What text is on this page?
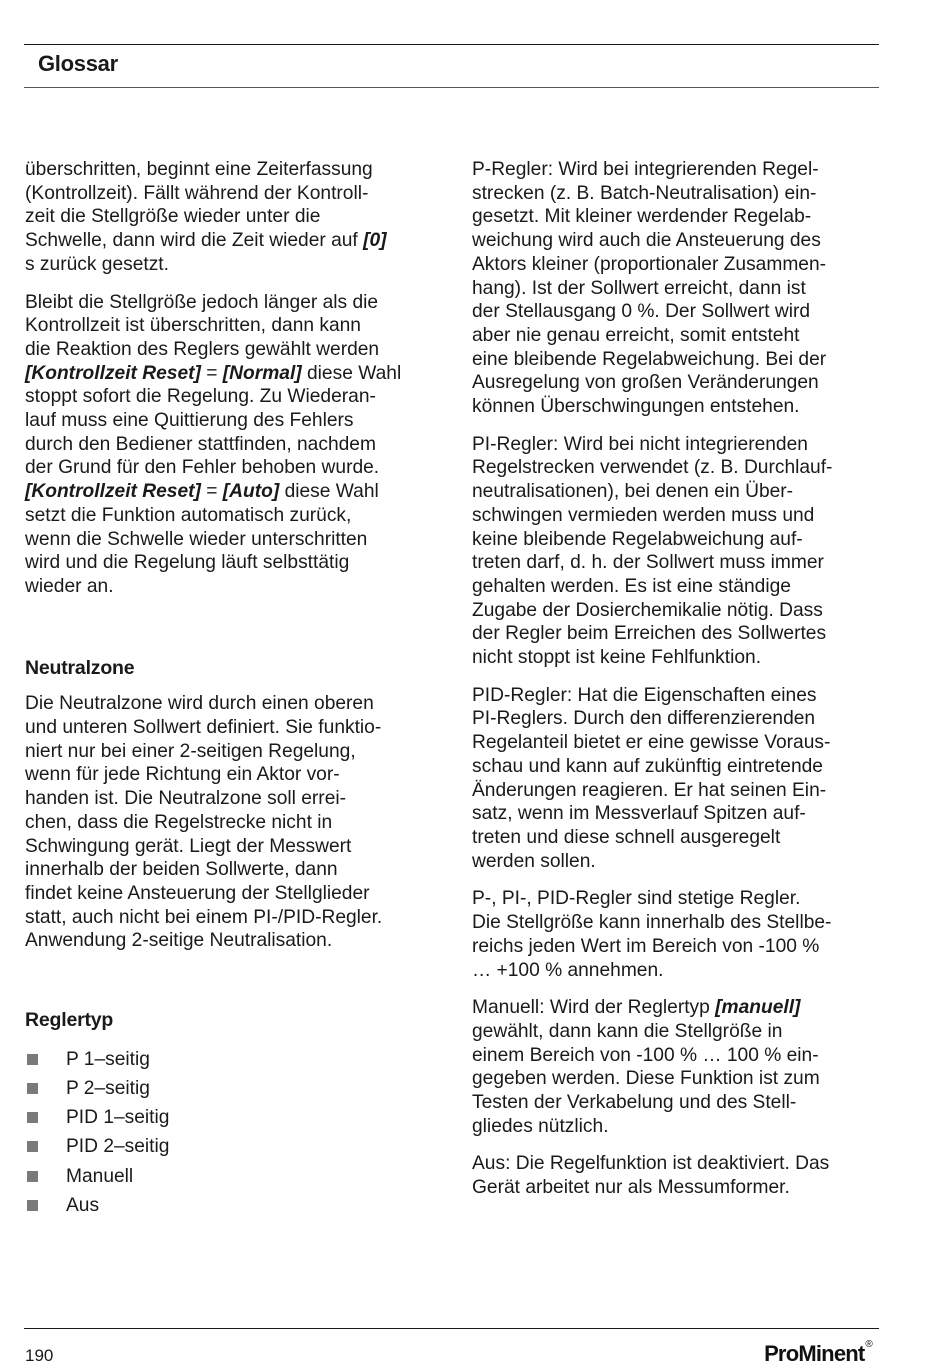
Glossar

überschritten, beginnt eine Zeiterfassung
(Kontrollzeit). Fällt während der Kontroll-
zeit die Stellgröße wieder unter die
Schwelle, dann wird die Zeit wieder auf [0]
s zurück gesetzt.

Bleibt die Stellgröße jedoch länger als die
Kontrollzeit ist überschritten, dann kann
die Reaktion des Reglers gewählt werden
[Kontrollzeit Reset] = [Normal] diese Wahl
stoppt sofort die Regelung. Zu Wiederan-
lauf muss eine Quittierung des Fehlers
durch den Bediener stattfinden, nachdem
der Grund für den Fehler behoben wurde.
[Kontrollzeit Reset] = [Auto] diese Wahl
setzt die Funktion automatisch zurück,
wenn die Schwelle wieder unterschritten
wird und die Regelung läuft selbsttätig
wieder an.

Neutralzone

Die Neutralzone wird durch einen oberen
und unteren Sollwert definiert. Sie funktio-
niert nur bei einer 2-seitigen Regelung,
wenn für jede Richtung ein Aktor vor-
handen ist. Die Neutralzone soll errei-
chen, dass die Regelstrecke nicht in
Schwingung gerät. Liegt der Messwert
innerhalb der beiden Sollwerte, dann
findet keine Ansteuerung der Stellglieder
statt, auch nicht bei einem PI-/PID-Regler.
Anwendung 2-seitige Neutralisation.

Reglertyp
P 1–seitig
P 2–seitig
PID 1–seitig
PID 2–seitig
Manuell
Aus

P-Regler: Wird bei integrierenden Regel-
strecken (z. B. Batch-Neutralisation) ein-
gesetzt. Mit kleiner werdender Regelab-
weichung wird auch die Ansteuerung des
Aktors kleiner (proportionaler Zusammen-
hang). Ist der Sollwert erreicht, dann ist
der Stellausgang 0 %. Der Sollwert wird
aber nie genau erreicht, somit entsteht
eine bleibende Regelabweichung. Bei der
Ausregelung von großen Veränderungen
können Überschwingungen entstehen.

PI-Regler: Wird bei nicht integrierenden
Regelstrecken verwendet (z. B. Durchlauf-
neutralisationen), bei denen ein Über-
schwingen vermieden werden muss und
keine bleibende Regelabweichung auf-
treten darf, d. h. der Sollwert muss immer
gehalten werden. Es ist eine ständige
Zugabe der Dosierchemikalie nötig. Dass
der Regler beim Erreichen des Sollwertes
nicht stoppt ist keine Fehlfunktion.

PID-Regler: Hat die Eigenschaften eines
PI-Reglers. Durch den differenzierenden
Regelanteil bietet er eine gewisse Voraus-
schau und kann auf zukünftig eintretende
Änderungen reagieren. Er hat seinen Ein-
satz, wenn im Messverlauf Spitzen auf-
treten und diese schnell ausgeregelt
werden sollen.

P-, PI-, PID-Regler sind stetige Regler.
Die Stellgröße kann innerhalb des Stellbe-
reichs jeden Wert im Bereich von -100 %
… +100 % annehmen.

Manuell: Wird der Reglertyp [manuell]
gewählt, dann kann die Stellgröße in
einem Bereich von -100 % … 100 % ein-
gegeben werden. Diese Funktion ist zum
Testen der Verkabelung und des Stell-
gliedes nützlich.

Aus: Die Regelfunktion ist deaktiviert. Das
Gerät arbeitet nur als Messumformer.

190	ProMinent®
